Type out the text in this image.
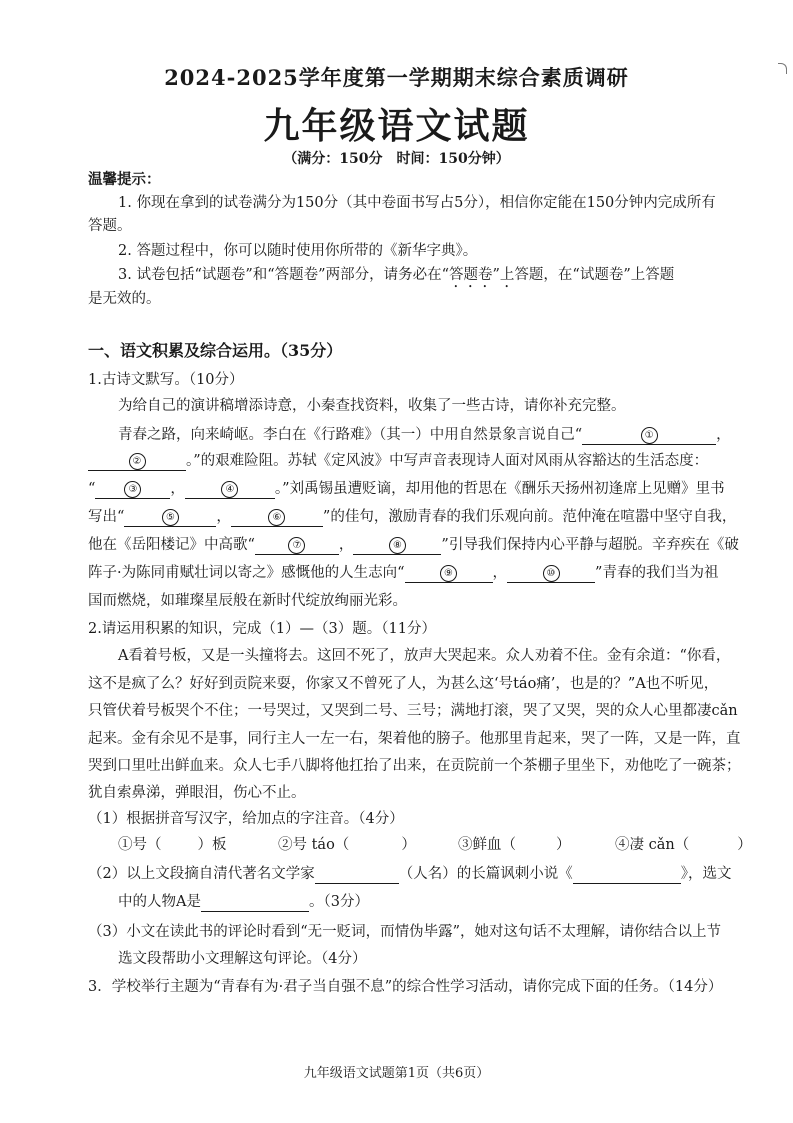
2024-2025学年度第一学期期末综合素质调研
九年级语文试题
（满分：150分　时间：150分钟）
温馨提示：
1. 你现在拿到的试卷满分为150分（其中卷面书写占5分），相信你定能在150分钟内完成所有
答题。
2. 答题过程中，你可以随时使用你所带的《新华字典》。
3. 试卷包括“试题卷”和“答题卷”两部分，请务必在“答题卷”上答题，在“试题卷”上答题
是无效的。
一、语文积累及综合运用。（35分）
1.古诗文默写。（10分）
为给自己的演讲稿增添诗意，小秦查找资料，收集了一些古诗，请你补充完整。
青春之路，向来崎岖。李白在《行路难》（其一）中用自然景象言说自己“	①	，
②	。”的艰难险阻。苏轼《定风波》中写声音表现诗人面对风雨从容豁达的生活态度：
“	③ ，	④	。”刘禹锡虽遭贬谪，却用他的哲思在《酬乐天扬州初逢席上见赠》里书
写出“	⑤	，	⑥	”的佳句，激励青春的我们乐观向前。范仲淹在喧嚣中坚守自我，
他在《岳阳楼记》中高歌“	⑦	，	⑧	”引导我们保持内心平静与超脱。辛弃疾在《破
阵子·为陈同甫赋壮词以寄之》感慨他的人生志向“	⑨	，	⑩	”青春的我们当为祖
国而燃烧，如璀璨星辰般在新时代绽放绚丽光彩。
2.请运用积累的知识，完成（1）—（3）题。（11分）
A看着号板，又是一头撞将去。这回不死了，放声大哭起来。众人劝着不住。金有余道：“你看，
这不是疯了么？好好到贡院来耍，你家又不曾死了人，为甚么这‘号táo痛’，也是的？”A也不听见，
只管伏着号板哭个不住；一号哭过，又哭到二号、三号；满地打滚，哭了又哭，哭的众人心里都凄cǎn
起来。金有余见不是事，同行主人一左一右，架着他的膀子。他那里肯起来，哭了一阵，又是一阵，直
哭到口里吐出鲜血来。众人七手八脚将他扛抬了出来，在贡院前一个茶棚子里坐下，劝他吃了一碗茶；
犹自索鼻涕，弹眼泪，伤心不止。
（1）根据拼音写汉字，给加点的字注音。（4分）
①号（ ）板	②号 táo（	）	③鲜血（	）	④凄 cǎn（	）
（2）以上文段摘自清代著名文学家	（人名）的长篇讽刺小说《	》，选文
中的人物A是	。（3分）
（3）小文在读此书的评论时看到“无一贬词，而情伪毕露”，她对这句话不太理解，请你结合以上节
选文段帮助小文理解这句评论。（4分）
3．学校举行主题为“青春有为·君子当自强不息”的综合性学习活动，请你完成下面的任务。（14分）
九年级语文试题第1页（共6页）
